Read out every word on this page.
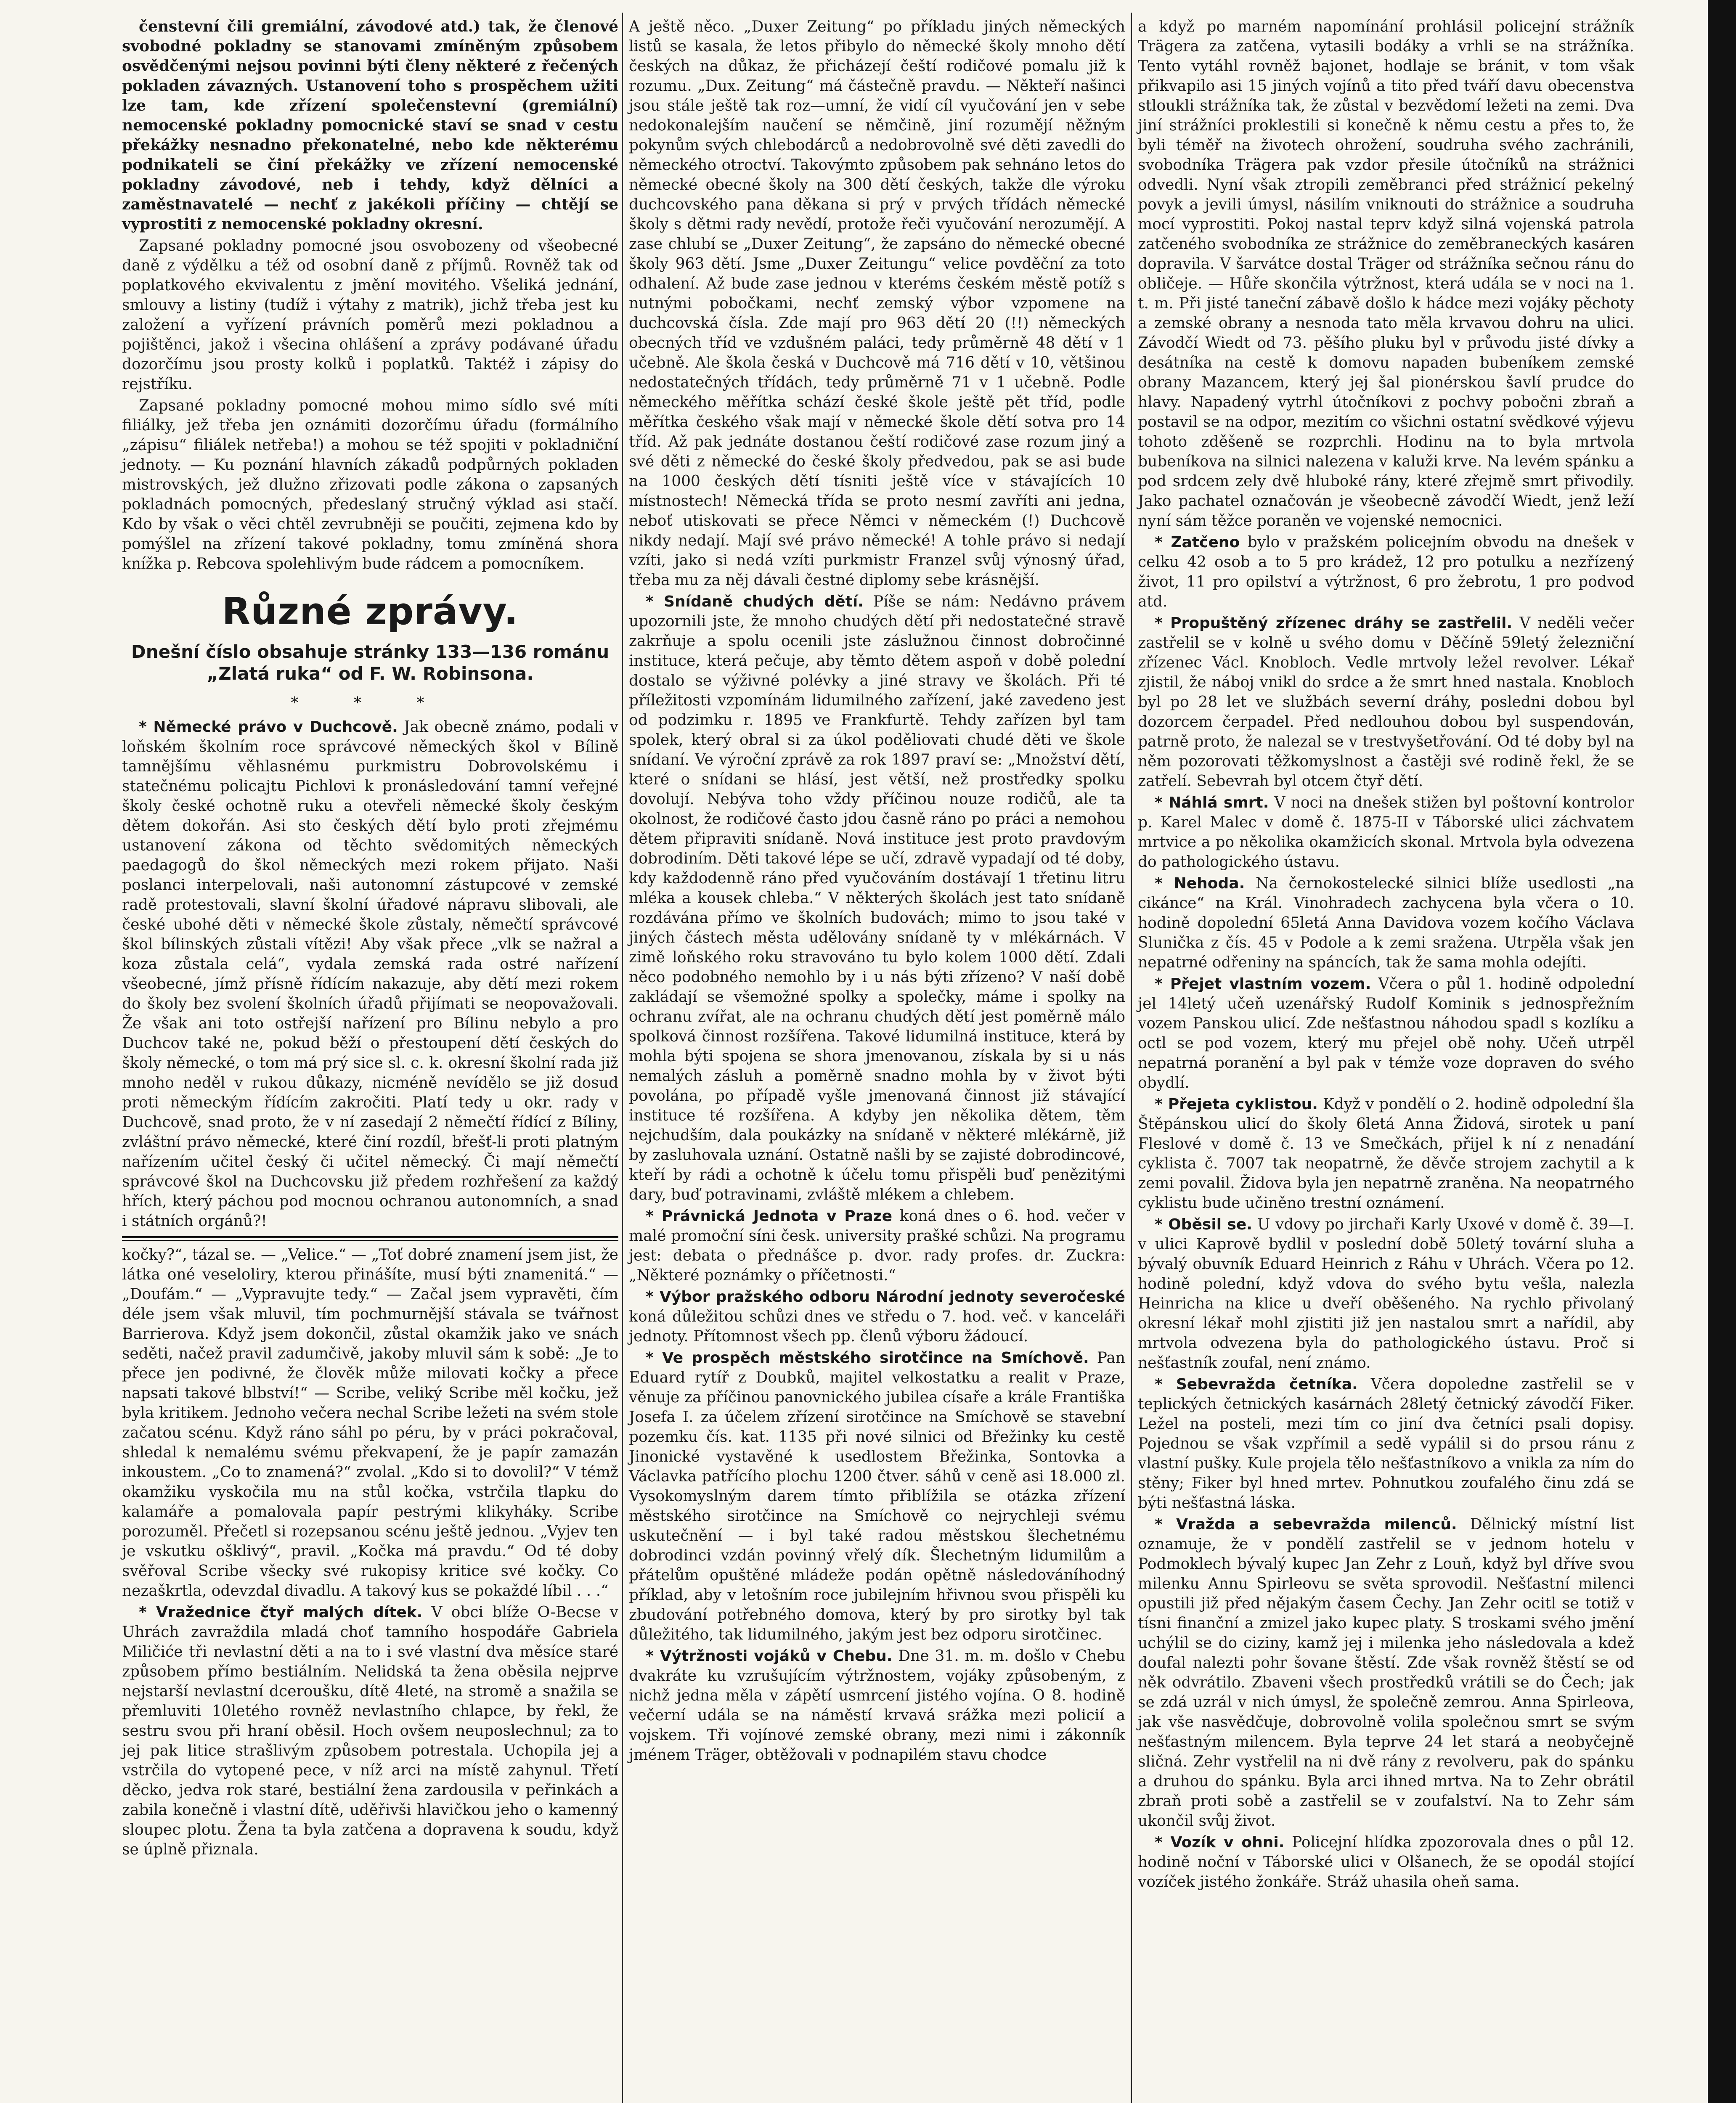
čenstevní čili gremiální, závodové atd.) tak, že členové svobodné pokladny se stanovami zmíněným způsobem osvědčenými nejsou povinni býti členy některé z řečených pokladen závazných. Ustanovení toho s prospěchem užiti lze tam, kde zřízení společenstevní (gremiální) nemocenské pokladny pomocnické staví se snad v cestu překážky nesnadno překonatelné, nebo kde některému podnikateli se činí překážky ve zřízení nemocenské pokladny závodové, neb i tehdy, když dělníci a zaměstnavatelé — nechť z jakékoli příčiny — chtějí se vyprostiti z nemocenské pokladny okresní.

Zapsané pokladny pomocné jsou osvobozeny od všeobecné daně z výdělku a též od osobní daně z příjmů. Rovněž tak od poplatkového ekvivalentu z jmění movitého. Všeliká jednání, smlouvy a listiny (tudíž i výtahy z matrik), jichž třeba jest ku založení a vyřízení právních poměrů mezi pokladnou a pojištěnci, jakož i všecina ohlášení a zprávy podávané úřadu dozorčímu jsou prosty kolků i poplatků. Taktéž i zápisy do rejstříku.

Zapsané pokladny pomocné mohou mimo sídlo své míti filiálky, jež třeba jen oznámiti dozorčímu úřadu (formálního „zápisu“ filiálek netřeba!) a mohou se též spojiti v pokladniční jednoty. — Ku poznání hlavních zákadů podpůrných pokladen mistrovských, jež dlužno zřizovati podle zákona o zapsaných pokladnách pomocných, předeslaný stručný výklad asi stačí. Kdo by však o věci chtěl zevrubněji se poučiti, zejmena kdo by pomýšlel na zřízení takové pokladny, tomu zmíněná shora knížka p. Rebcova spolehlivým bude rádcem a pomocníkem.

Různé zprávy.
Dnešní číslo obsahuje stránky 133—136 románu „Zlatá ruka“ od F. W. Robinsona.
* * *

* Německé právo v Duchcově. Jak obecně známo, podali v loňském školním roce správcové německých škol v Bílině tamnějšímu věhlasnému purkmistru Dobrovolskému i statečnému policajtu Pichlovi k pronásledování tamní veřejné školy české ochotně ruku a otevřeli německé školy českým dětem dokořán. Asi sto českých dětí bylo proti zřejmému ustanovení zákona od těchto svědomitých německých paedagogů do škol německých mezi rokem přijato. Naši poslanci interpelovali, naši autonomní zástupcové v zemské radě protestovali, slavní školní úřadové nápravu slibovali, ale české ubohé děti v německé škole zůstaly, němečtí správcové škol bílinských zůstali vítězi! Aby však přece „vlk se nažral a koza zůstala celá“, vydala zemská rada ostré nařízení všeobecné, jímž přísně řídícím nakazuje, aby dětí mezi rokem do školy bez svolení školních úřadů přijímati se neopovažovali. Že však ani toto ostřejší nařízení pro Bílinu nebylo a pro Duchcov také ne, pokud běží o přestoupení dětí českých do školy německé, o tom má prý sice sl. c. k. okresní školní rada již mnoho neděl v rukou důkazy, nicméně nevídělo se již dosud proti německým řídícím zakročiti. Platí tedy u okr. rady v Duchcově, snad proto, že v ní zasedají 2 němečtí řídící z Bíliny, zvláštní právo německé, které činí rozdíl, břešť-li proti platným nařízením učitel český či učitel německý. Či mají němečtí správcové škol na Duchcovsku již předem rozhřešení za každý hřích, který páchou pod mocnou ochranou autonomních, a snad i státních orgánů?!

kočky?“, tázal se. — „Velice.“ — „Toť dobré znamení jsem jist, že látka oné veseloliry, kterou přinášíte, musí býti znamenitá.“ — „Doufám.“ — „Vypravujte tedy.“ — Začal jsem vypravěti, čím déle jsem však mluvil, tím pochmurnější stávala se tvářnost Barrierova. Když jsem dokončil, zůstal okamžik jako ve snách seděti, načež pravil zadumčivě, jakoby mluvil sám k sobě: „Je to přece jen podivné, že člověk může milovati kočky a přece napsati takové blbství!“ — Scribe, veliký Scribe měl kočku, jež byla kritikem. Jednoho večera nechal Scribe ležeti na svém stole začatou scénu. Když ráno sáhl po péru, by v práci pokračoval, shledal k nemalému svému překvapení, že je papír zamazán inkoustem. „Co to znamená?“ zvolal. „Kdo si to dovolil?“ V témž okamžiku vyskočila mu na stůl kočka, vstrčila tlapku do kalamáře a pomalovala papír pestrými klikyháky. Scribe porozuměl. Přečetl si rozepsanou scénu ještě jednou. „Vyjev ten je vskutku ošklivý“, pravil. „Kočka má pravdu.“ Od té doby svěřoval Scribe všecky své rukopisy kritice své kočky. Co nezaškrtla, odevzdal divadlu. A takový kus se pokaždé líbil . . .“

* Vražednice čtyř malých dítek. V obci blíže O-Becse v Uhrách zavraždila mladá choť tamního hospodáře Gabriela Miličiće tři nevlastní děti a na to i své vlastní dva měsíce staré způsobem přímo bestiálním. Nelidská ta žena oběsila nejprve nejstarší nevlastní dceroušku, dítě 4leté, na stromě a snažila se přemluviti 10letého rovněž nevlastního chlapce, by řekl, že sestru svou při hraní oběsil. Hoch ovšem neuposlechnul; za to jej pak litice strašlivým způsobem potrestala. Uchopila jej a vstrčila do vytopené pece, v níž arci na místě zahynul. Třetí děcko, jedva rok staré, bestiální žena zardousila v peřinkách a zabila konečně i vlastní dítě, uděřivši hlavičkou jeho o kamenný sloupec plotu. Žena ta byla zatčena a dopravena k soudu, když se úplně přiznala.

A ještě něco. „Duxer Zeitung“ po příkladu jiných německých listů se kasala, že letos přibylo do německé školy mnoho dětí českých na důkaz, že přicházejí čeští rodičové pomalu již k rozumu. „Dux. Zeitung“ má částečně pravdu. — Někteří našinci jsou stále ještě tak roz—umní, že vidí cíl vyučování jen v sebe nedokonalejším naučení se němčině, jiní rozumějí něžným pokynům svých chlebodárců a nedobrovolně své děti zavedli do německého otroctví. Takovýmto způsobem pak sehnáno letos do německé obecné školy na 300 dětí českých, takže dle výroku duchcovského pana děkana si prý v prvých třídách německé školy s dětmi rady nevědí, protože řeči vyučování nerozumějí. A zase chlubí se „Duxer Zeitung“, že zapsáno do německé obecné školy 963 dětí. Jsme „Duxer Zeitungu“ velice povděční za toto odhalení. Až bude zase jednou v kteréms českém městě potíž s nutnými pobočkami, nechť zemský výbor vzpomene na duchcovská čísla. Zde mají pro 963 dětí 20 (!!) německých obecných tříd ve vzdušném paláci, tedy průměrně 48 dětí v 1 učebně. Ale škola česká v Duchcově má 716 dětí v 10, většinou nedostatečných třídách, tedy průměrně 71 v 1 učebně. Podle německého měřítka schází české škole ještě pět tříd, podle měřítka českého však mají v německé škole dětí sotva pro 14 tříd. Až pak jednáte dostanou čeští rodičové zase rozum jiný a své děti z německé do české školy předvedou, pak se asi bude na 1000 českých dětí tísniti ještě více v stávajících 10 místnostech! Německá třída se proto nesmí zavříti ani jedna, neboť utiskovati se přece Němci v německém (!) Duchcově nikdy nedají. Mají své právo německé! A tohle právo si nedají vzíti, jako si nedá vzíti purkmistr Franzel svůj výnosný úřad, třeba mu za něj dávali čestné diplomy sebe krásnější.

* Snídaně chudých dětí. Píše se nám: Nedávno právem upozornili jste, že mnoho chudých dětí při nedostatečné stravě zakrňuje a spolu ocenili jste záslužnou činnost dobročinné instituce, která pečuje, aby těmto dětem aspoň v době polední dostalo se výživné polévky a jiné stravy ve školách. Při té příležitosti vzpomínám lidumilného zařízení, jaké zavedeno jest od podzimku r. 1895 ve Frankfurtě. Tehdy zařízen byl tam spolek, který obral si za úkol poděliovati chudé děti ve škole snídaní. Ve výroční zprávě za rok 1897 praví se: „Množství dětí, které o snídani se hlásí, jest větší, než prostředky spolku dovolují. Nebýva toho vždy příčinou nouze rodičů, ale ta okolnost, že rodičové často jdou časně ráno po práci a nemohou dětem připraviti snídaně. Nová instituce jest proto pravdovým dobrodiním. Děti takové lépe se učí, zdravě vypadají od té doby, kdy každodenně ráno před vyučováním dostávají 1 třetinu litru mléka a kousek chleba.“ V některých školách jest tato snídaně rozdávána přímo ve školních budovách; mimo to jsou také v jiných částech města udělovány snídaně ty v mlékárnách. V zimě loňského roku stravováno tu bylo kolem 1000 dětí. Zdali něco podobného nemohlo by i u nás býti zřízeno? V naší době zakládají se všemožné spolky a společky, máme i spolky na ochranu zvířat, ale na ochranu chudých dětí jest poměrně málo spolková činnost rozšířena. Takové lidumilná instituce, která by mohla býti spojena se shora jmenovanou, získala by si u nás nemalých zásluh a poměrně snadno mohla by v život býti povolána, po případě vyšle jmenovaná činnost již stávající instituce té rozšířena. A kdyby jen několika dětem, těm nejchudším, dala poukázky na snídaně v některé mlékárně, již by zasluhovala uznání. Ostatně našli by se zajisté dobrodincové, kteří by rádi a ochotně k účelu tomu přispěli buď penězitými dary, buď potravinami, zvláště mlékem a chlebem.

* Právnická Jednota v Praze koná dnes o 6. hod. večer v malé promoční síni česk. university prašké schůzi. Na programu jest: debata o přednášce p. dvor. rady profes. dr. Zuckra: „Některé poznámky o příčetnosti.“

* Výbor pražského odboru Národní jednoty severočeské koná důležitou schůzi dnes ve středu o 7. hod. več. v kanceláři jednoty. Přítomnost všech pp. členů výboru žádoucí.

* Ve prospěch městského sirotčince na Smíchově. Pan Eduard rytíř z Doubků, majitel velkostatku a realit v Praze, věnuje za příčinou panovnického jubilea císaře a krále Františka Josefa I. za účelem zřízení sirotčince na Smíchově se stavební pozemku čís. kat. 1135 při nové silnici od Břežinky ku cestě Jinonické vystavěné k usedlostem Břežinka, Sontovka a Václavka patřícího plochu 1200 čtver. sáhů v ceně asi 18.000 zl. Vysokomyslným darem tímto přiblížila se otázka zřízení městského sirotčince na Smíchově co nejrychleji svému uskutečnění — i byl také radou městskou šlechetnému dobrodinci vzdán povinný vřelý dík. Šlechetným lidumilům a přátelům opuštěné mládeže podán opětně následováníhodný příklad, aby v letošním roce jubilejním hřivnou svou přispěli ku zbudování potřebného domova, který by pro sirotky byl tak důležitého, tak lidumilného, jakým jest bez odporu sirotčinec.

* Výtržnosti vojáků v Chebu. Dne 31. m. m. došlo v Chebu dvakráte ku vzrušujícím výtržnostem, vojáky způsobeným, z nichž jedna měla v zápětí usmrcení jistého vojína. O 8. hodině večerní udála se na náměstí krvavá srážka mezi policií a vojskem. Tři vojínové zemské obrany, mezi nimi i zákonník jménem Träger, obtěžovali v podnapilém stavu chodce

a když po marném napomínání prohlásil policejní strážník Trägera za zatčena, vytasili bodáky a vrhli se na strážníka. Tento vytáhl rovněž bajonet, hodlaje se bránit, v tom však přikvapilo asi 15 jiných vojínů a tito před tváří davu obecenstva stloukli strážníka tak, že zůstal v bezvědomí ležeti na zemi. Dva jiní strážníci proklestili si konečně k němu cestu a přes to, že byli téměř na životech ohrožení, soudruha svého zachránili, svobodníka Trägera pak vzdor přesile útočníků na strážnici odvedli. Nyní však ztropili zeměbranci před strážnicí pekelný povyk a jevili úmysl, násilím vniknouti do strážnice a soudruha mocí vyprostiti. Pokoj nastal teprv když silná vojenská patrola zatčeného svobodníka ze strážnice do zeměbraneckých kasáren dopravila. V šarvátce dostal Träger od strážníka sečnou ránu do obličeje. — Hůře skončila výtržnost, která udála se v noci na 1. t. m. Při jisté taneční zábavě došlo k hádce mezi vojáky pěchoty a zemské obrany a nesnoda tato měla krvavou dohru na ulici. Závodčí Wiedt od 73. pěšího pluku byl v průvodu jisté dívky a desátníka na cestě k domovu napaden bubeníkem zemské obrany Mazancem, který jej šal pionérskou šavlí prudce do hlavy. Napadený vytrhl útočníkovi z pochvy pobočni zbraň a postavil se na odpor, mezitím co všichni ostatní svědkové výjevu tohoto zděšeně se rozprchli. Hodinu na to byla mrtvola bubeníkova na silnici nalezena v kaluži krve. Na levém spánku a pod srdcem zely dvě hluboké rány, které zřejmě smrt přivodily. Jako pachatel označován je všeobecně závodčí Wiedt, jenž leží nyní sám těžce poraněn ve vojenské nemocnici.

* Zatčeno bylo v pražském policejním obvodu na dnešek v celku 42 osob a to 5 pro krádež, 12 pro potulku a nezřízený život, 11 pro opilství a výtržnost, 6 pro žebrotu, 1 pro podvod atd.

* Propuštěný zřízenec dráhy se zastřelil. V neděli večer zastřelil se v kolně u svého domu v Děčíně 59letý železniční zřízenec Václ. Knobloch. Vedle mrtvoly ležel revolver. Lékař zjistil, že náboj vnikl do srdce a že smrt hned nastala. Knobloch byl po 28 let ve službách severní dráhy, posledni dobou byl dozorcem čerpadel. Před nedlouhou dobou byl suspendován, patrně proto, že nalezal se v trestvyšetřování. Od té doby byl na něm pozorovati těžkomyslnost a častěji své rodině řekl, že se zatřelí. Sebevrah byl otcem čtyř dětí.

* Náhlá smrt. V noci na dnešek stižen byl poštovní kontrolor p. Karel Malec v domě č. 1875-II v Táborské ulici záchvatem mrtvice a po několika okamžicích skonal. Mrtvola byla odvezena do pathologického ústavu.

* Nehoda. Na černokostelecké silnici blíže usedlosti „na cikánce“ na Král. Vinohradech zachycena byla včera o 10. hodině dopolední 65letá Anna Davidova vozem kočího Václava Slunička z čís. 45 v Podole a k zemi sražena. Utrpěla však jen nepatrné odřeniny na spáncích, tak že sama mohla odejíti.

* Přejet vlastním vozem. Včera o půl 1. hodině odpolední jel 14letý učeň uzenářský Rudolf Kominik s jednospřežním vozem Panskou ulicí. Zde nešťastnou náhodou spadl s kozlíku a octl se pod vozem, který mu přejel obě nohy. Učeň utrpěl nepatrná poranění a byl pak v témže voze dopraven do svého obydlí.

* Přejeta cyklistou. Když v pondělí o 2. hodině odpolední šla Štěpánskou ulicí do školy 6letá Anna Židová, sirotek u paní Fleslové v domě č. 13 ve Smečkách, přijel k ní z nenadání cyklista č. 7007 tak neopatrně, že děvče strojem zachytil a k zemi povalil. Židova byla jen nepatrně zraněna. Na neopatrného cyklistu bude učiněno trestní oznámení.

* Oběsil se. U vdovy po jirchaři Karly Uxové v domě č. 39—I. v ulici Kaprově bydlil v poslední době 50letý tovární sluha a bývalý obuvník Eduard Heinrich z Ráhu v Uhrách. Včera po 12. hodině polední, když vdova do svého bytu vešla, nalezla Heinricha na klice u dveří oběšeného. Na rychlo přivolaný okresní lékař mohl zjistiti již jen nastalou smrt a nařídil, aby mrtvola odvezena byla do pathologického ústavu. Proč si nešťastník zoufal, není známo.

* Sebevražda četníka. Včera dopoledne zastřelil se v teplických četnických kasárnách 28letý četnický závodčí Fiker. Ležel na posteli, mezi tím co jiní dva četníci psali dopisy. Pojednou se však vzpřímil a sedě vypálil si do prsou ránu z vlastní pušky. Kule projela tělo nešťastníkovo a vnikla za ním do stěny; Fiker byl hned mrtev. Pohnutkou zoufalého činu zdá se býti nešťastná láska.

* Vražda a sebevražda milenců. Dělnický místní list oznamuje, že v pondělí zastřelil se v jednom hotelu v Podmoklech bývalý kupec Jan Zehr z Louň, když byl dříve svou milenku Annu Spirleovu se světa sprovodil. Nešťastní milenci opustili již před nějakým časem Čechy. Jan Zehr ocitl se totiž v tísni finanční a zmizel jako kupec platy. S troskami svého jmění uchýlil se do ciziny, kamž jej i milenka jeho následovala a kdež doufal nalezti pohr šovane štěstí. Zde však rovněž štěstí se od něk odvrátilo. Zbaveni všech prostředků vrátili se do Čech; jak se zdá uzrál v nich úmysl, že společně zemrou. Anna Spirleova, jak vše nasvědčuje, dobrovolně volila společnou smrt se svým nešťastným milencem. Byla teprve 24 let stará a neobyčejně sličná. Zehr vystřelil na ni dvě rány z revolveru, pak do spánku a druhou do spánku. Byla arci ihned mrtva. Na to Zehr obrátil zbraň proti sobě a zastřelil se v zoufalství. Na to Zehr sám ukončil svůj život.

* Vozík v ohni. Policejní hlídka zpozorovala dnes o půl 12. hodině noční v Táborské ulici v Olšanech, že se opodál stojící vozíček jistého žonkáře. Stráž uhasila oheň sama.
